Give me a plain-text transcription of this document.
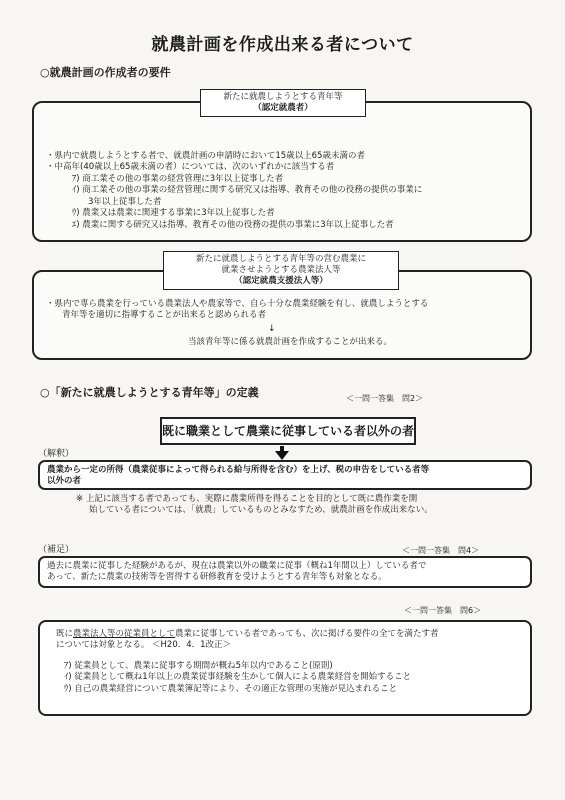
就農計画を作成出来る者について
○就農計画の作成者の要件
新たに就農しようとする青年等
（認定就農者）
・県内で就農しようとする者で、就農計画の申請時において15歳以上65歳未満の者
・中高年(40歳以上65歳未満の者）については、次のいずれかに該当する者
ｱ) 商工業その他の事業の経営管理に3年以上従事した者
ｲ) 商工業その他の事業の経営管理に関する研究又は指導、教育その他の役務の提供の事業に
3年以上従事した者
ｳ) 農業又は農業に関連する事業に3年以上従事した者
ｴ) 農業に関する研究又は指導、教育その他の役務の提供の事業に3年以上従事した者
新たに就農しようとする青年等の営む農業に
就業させようとする農業法人等
（認定就農支援法人等）
・県内で専ら農業を行っている農業法人や農家等で、自ら十分な農業経験を有し、就農しようとする
青年等を適切に指導することが出来ると認められる者
↓
当該青年等に係る就農計画を作成することが出来る。
○「新たに就農しようとする青年等」の定義	＜一問一答集　問2＞
既に職業として農業に従事している者以外の者
（解釈）
農業から一定の所得（農業従事によって得られる給与所得を含む）を上げ、税の申告をしている者等
以外の者
※ 上記に該当する者であっても、実際に農業所得を得ることを目的として既に農作業を開
始している者については、「就農」しているものとみなすため、就農計画を作成出来ない。
（補足）	＜一問一答集　問4＞
過去に農業に従事した経験があるが、現在は農業以外の職業に従事（概ね1年間以上）している者で
あって、新たに農業の技術等を習得する研修教育を受けようとする青年等も対象となる。
＜一問一答集　問6＞
既に農業法人等の従業員として農業に従事している者であっても、次に掲げる要件の全てを満たす者
については対象となる。 ＜H20．4．1改正＞
ｱ) 従業員として、農業に従事する期間が概ね5年以内であること(原則)
ｲ) 従業員として概ね1年以上の農業従事経験を生かして個人による農業経営を開始すること
ｳ) 自己の農業経営について農業簿記等により、その適正な管理の実施が見込まれること
